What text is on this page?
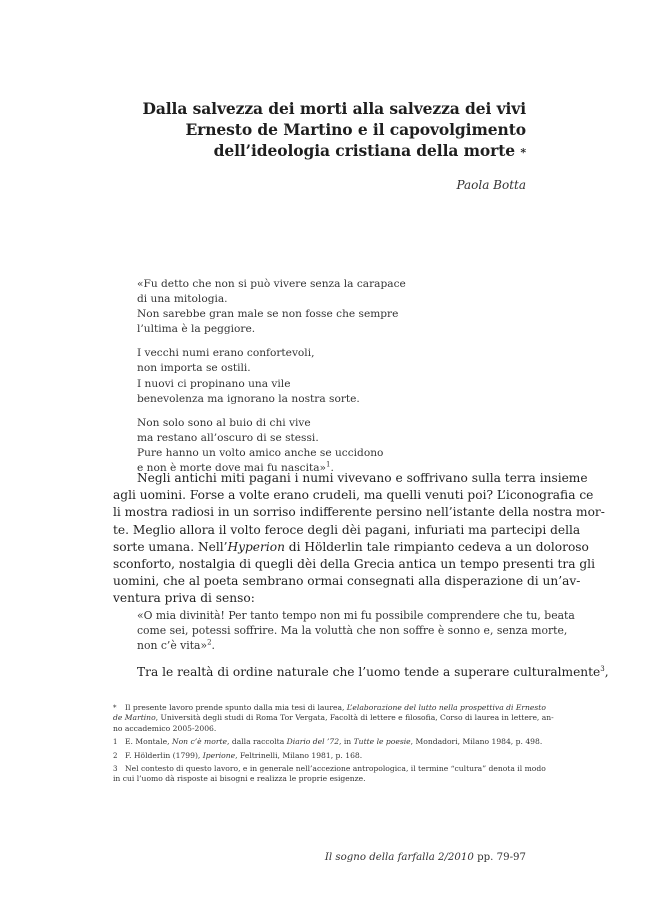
Dalla salvezza dei morti alla salvezza dei vivi
Ernesto de Martino e il capovolgimento
dell’ideologia cristiana della morte *
Paola Botta
«Fu detto che non si può vivere senza la carapace
di una mitologia.
Non sarebbe gran male se non fosse che sempre
l’ultima è la peggiore.
I vecchi numi erano confortevoli,
non importa se ostili.
I nuovi ci propinano una vile
benevolenza ma ignorano la nostra sorte.
Non solo sono al buio di chi vive
ma restano all’oscuro di se stessi.
Pure hanno un volto amico anche se uccidono
e non è morte dove mai fu nascita»$^1$.
Negli antichi miti pagani i numi vivevano e soffrivano sulla terra insieme
agli uomini. Forse a volte erano crudeli, ma quelli venuti poi? L’iconografia ce
li mostra radiosi in un sorriso indifferente persino nell’istante della nostra mor-
te. Meglio allora il volto feroce degli dèi pagani, infuriati ma partecipi della
sorte umana. Nell’Hyperion di Hölderlin tale rimpianto cedeva a un doloroso
sconforto, nostalgia di quegli dèi della Grecia antica un tempo presenti tra gli
uomini, che al poeta sembrano ormai consegnati alla disperazione di un’av-
ventura priva di senso:
«O mia divinità! Per tanto tempo non mi fu possibile comprendere che tu, beata
come sei, potessi soffrire. Ma la voluttà che non soffre è sonno e, senza morte,
non c’è vita»$^2$.
Tra le realtà di ordine naturale che l’uomo tende a superare culturalmente$^3$,
* Il presente lavoro prende spunto dalla mia tesi di laurea, L’elaborazione del lutto nella prospettiva di Ernesto
de Martino, Università degli studi di Roma Tor Vergata, Facoltà di lettere e filosofia, Corso di laurea in lettere, an-
no accademico 2005-2006.
1 E. Montale, Non c’è morte, dalla raccolta Diario del ’72, in Tutte le poesie, Mondadori, Milano 1984, p. 498.
2 F. Hölderlin (1799), Iperione, Feltrinelli, Milano 1981, p. 168.
3 Nel contesto di questo lavoro, e in generale nell’accezione antropologica, il termine “cultura” denota il modo
in cui l’uomo dà risposte ai bisogni e realizza le proprie esigenze.
Il sogno della farfalla 2/2010 pp. 79-97
